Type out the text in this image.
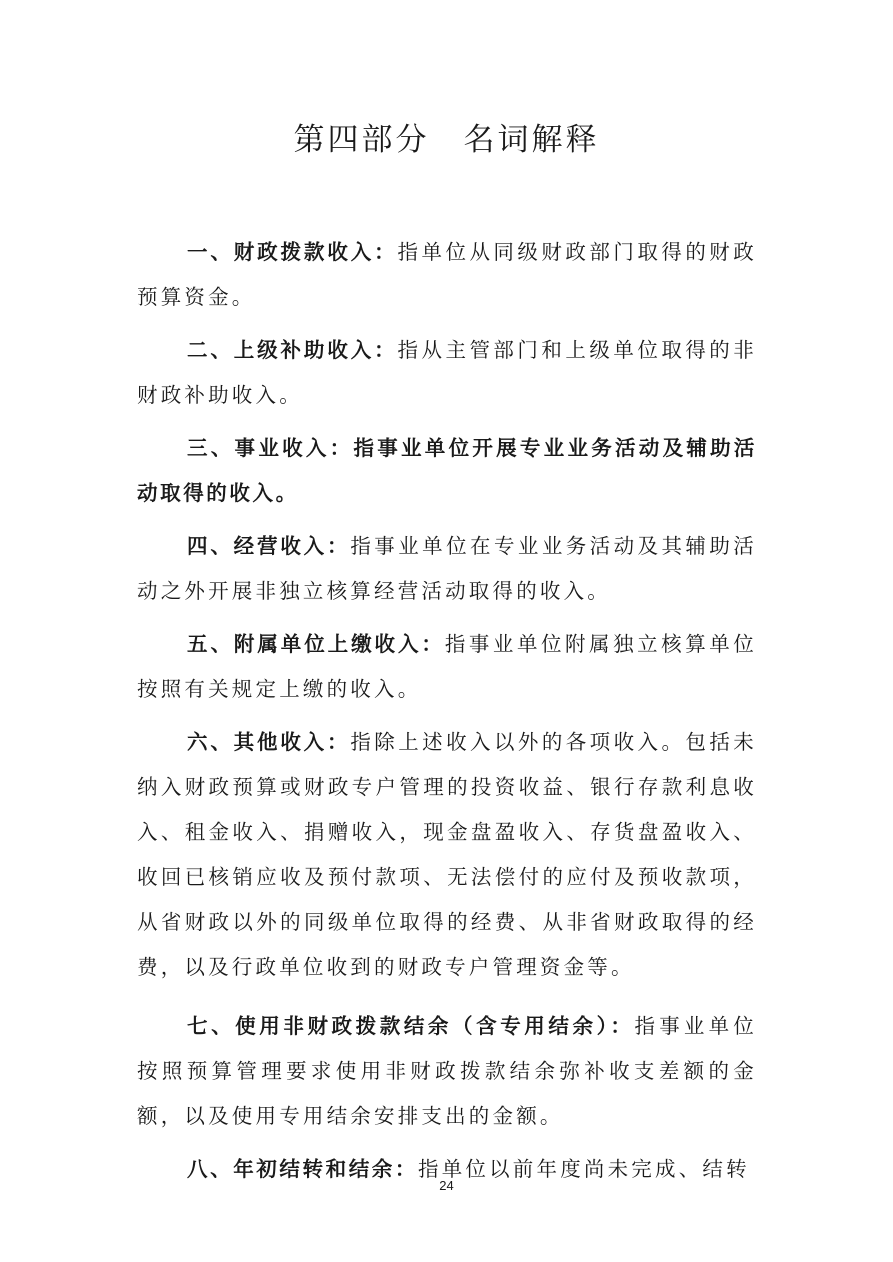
第四部分 名词解释

一、财政拨款收入：指单位从同级财政部门取得的财政预算资金。

二、上级补助收入：指从主管部门和上级单位取得的非财政补助收入。

三、事业收入：指事业单位开展专业业务活动及辅助活动取得的收入。

四、经营收入：指事业单位在专业业务活动及其辅助活动之外开展非独立核算经营活动取得的收入。

五、附属单位上缴收入：指事业单位附属独立核算单位按照有关规定上缴的收入。

六、其他收入：指除上述收入以外的各项收入。包括未纳入财政预算或财政专户管理的投资收益、银行存款利息收入、租金收入、捐赠收入，现金盘盈收入、存货盘盈收入、收回已核销应收及预付款项、无法偿付的应付及预收款项，从省财政以外的同级单位取得的经费、从非省财政取得的经费，以及行政单位收到的财政专户管理资金等。

七、使用非财政拨款结余（含专用结余）：指事业单位按照预算管理要求使用非财政拨款结余弥补收支差额的金额，以及使用专用结余安排支出的金额。

八、年初结转和结余：指单位以前年度尚未完成、结转

24
